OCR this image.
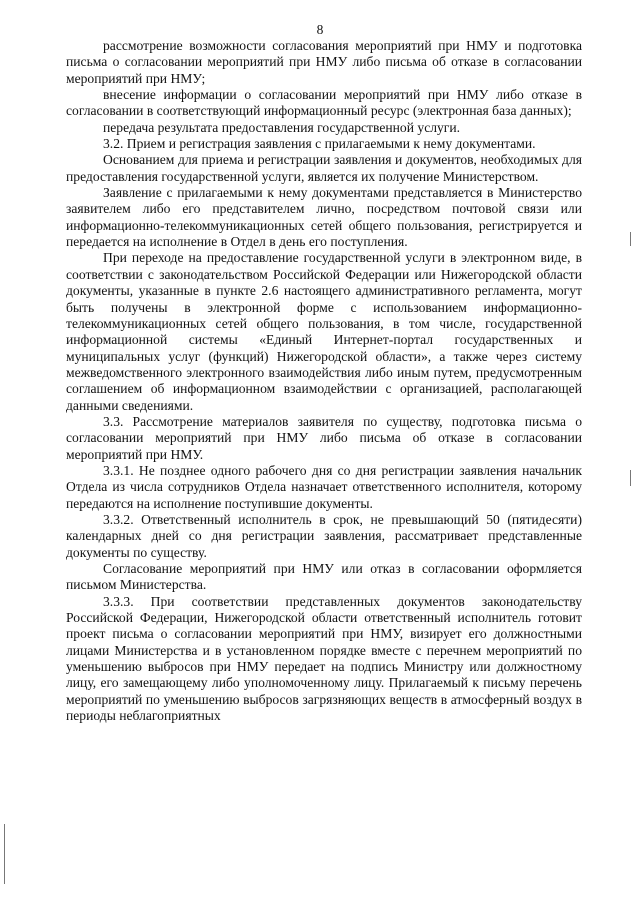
8

рассмотрение возможности согласования мероприятий при НМУ и подготовка письма о согласовании мероприятий при НМУ либо письма об отказе в согласовании мероприятий при НМУ;

внесение информации о согласовании мероприятий при НМУ либо отказе в согласовании в соответствующий информационный ресурс (электронная база данных);

передача результата предоставления государственной услуги.

3.2. Прием и регистрация заявления с прилагаемыми к нему документами.

Основанием для приема и регистрации заявления и документов, необходимых для предоставления государственной услуги, является их получение Министерством.

Заявление с прилагаемыми к нему документами представляется в Министерство заявителем либо его представителем лично, посредством почтовой связи или информационно-телекоммуникационных сетей общего пользования, регистрируется и передается на исполнение в Отдел в день его поступления.

При переходе на предоставление государственной услуги в электронном виде, в соответствии с законодательством Российской Федерации или Нижегородской области документы, указанные в пункте 2.6 настоящего административного регламента, могут быть получены в электронной форме с использованием информационно-телекоммуникационных сетей общего пользования, в том числе, государственной информационной системы «Единый Интернет-портал государственных и муниципальных услуг (функций) Нижегородской области», а также через систему межведомственного электронного взаимодействия либо иным путем, предусмотренным соглашением об информационном взаимодействии с организацией, располагающей данными сведениями.

3.3. Рассмотрение материалов заявителя по существу, подготовка письма о согласовании мероприятий при НМУ либо письма об отказе в согласовании мероприятий при НМУ.

3.3.1. Не позднее одного рабочего дня со дня регистрации заявления начальник Отдела из числа сотрудников Отдела назначает ответственного исполнителя, которому передаются на исполнение поступившие документы.

3.3.2. Ответственный исполнитель в срок, не превышающий 50 (пятидесяти) календарных дней со дня регистрации заявления, рассматривает представленные документы по существу.

Согласование мероприятий при НМУ или отказ в согласовании оформляется письмом Министерства.

3.3.3. При соответствии представленных документов законодательству Российской Федерации, Нижегородской области ответственный исполнитель готовит проект письма о согласовании мероприятий при НМУ, визирует его должностными лицами Министерства и в установленном порядке вместе с перечнем мероприятий по уменьшению выбросов при НМУ передает на подпись Министру или должностному лицу, его замещающему либо уполномоченному лицу. Прилагаемый к письму перечень мероприятий по уменьшению выбросов загрязняющих веществ в атмосферный воздух в периоды неблагоприятных
